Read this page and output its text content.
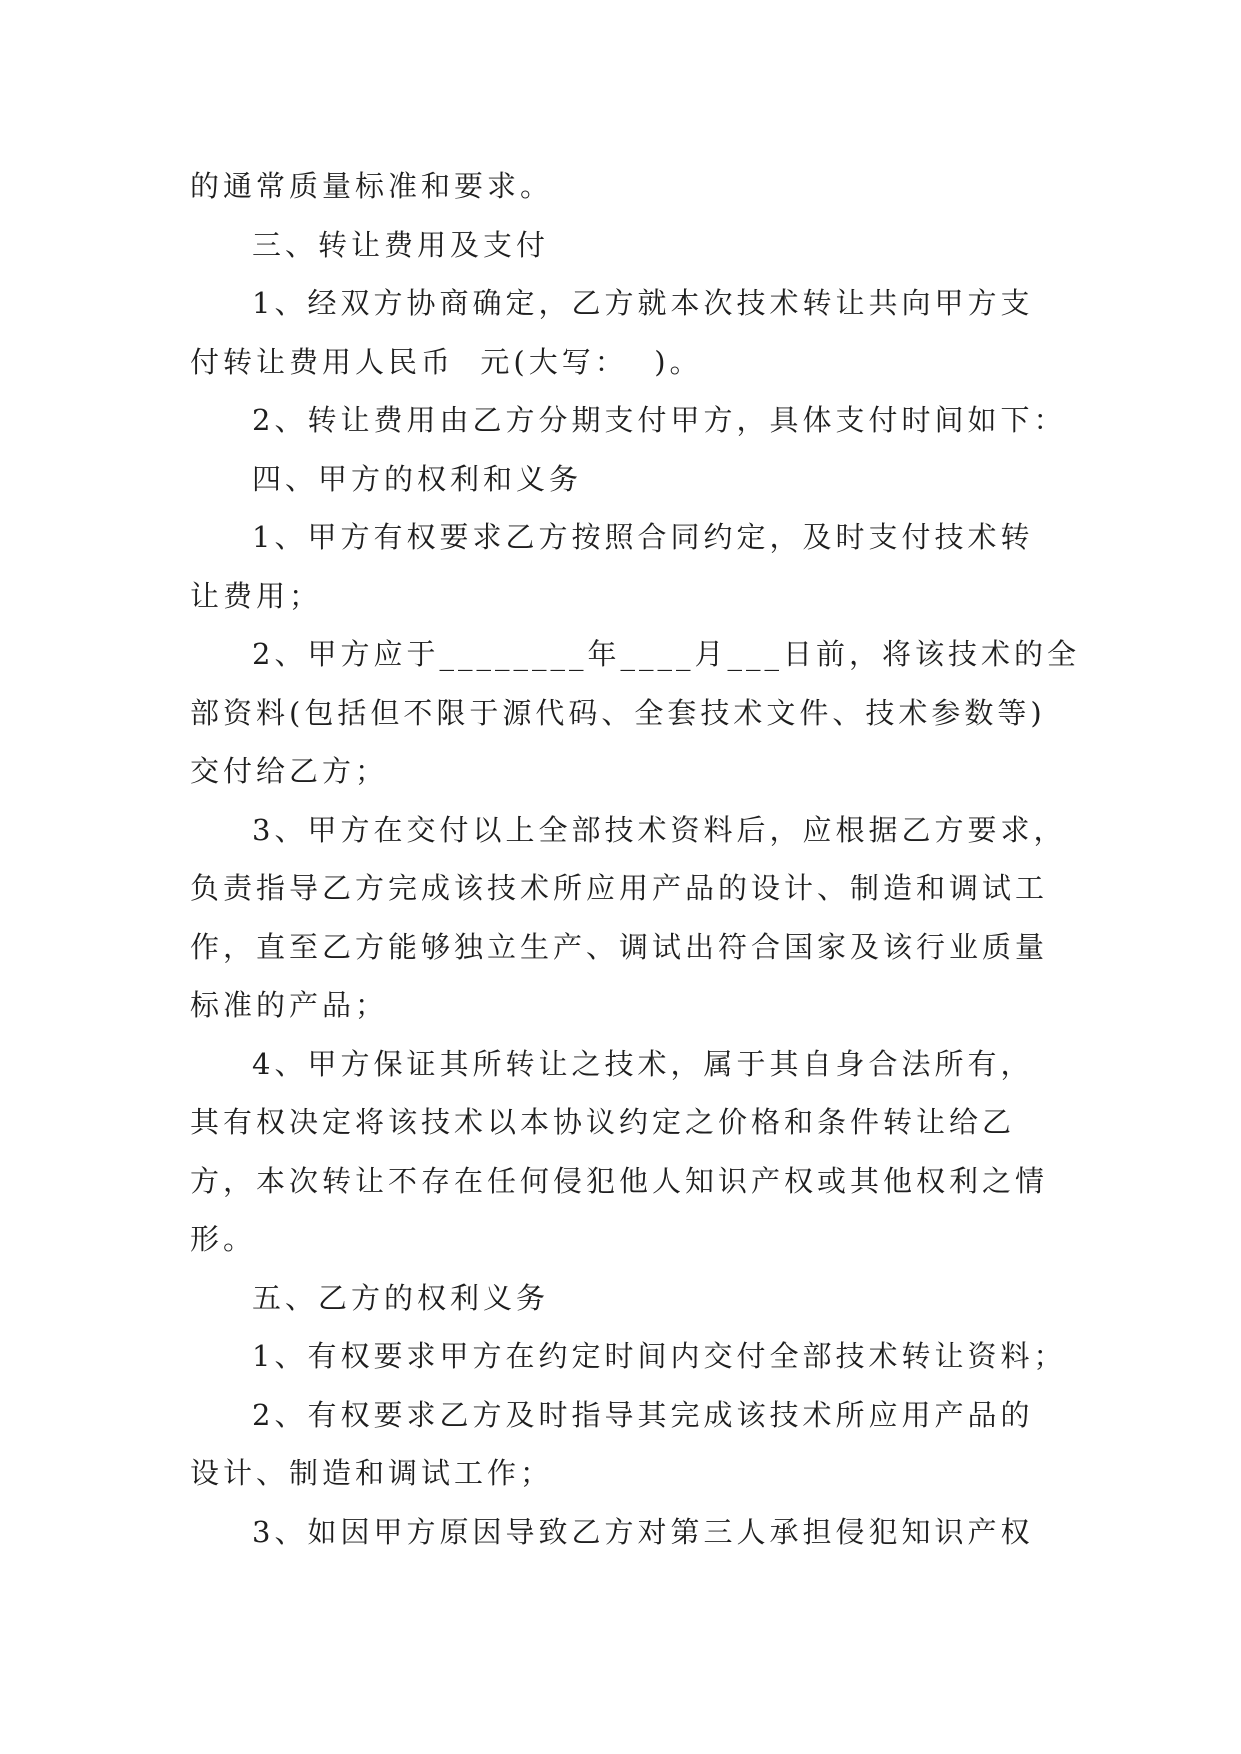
的通常质量标准和要求。
三、转让费用及支付
1、经双方协商确定，乙方就本次技术转让共向甲方支
付转让费用人民币  元(大写：  )。
2、转让费用由乙方分期支付甲方，具体支付时间如下：
四、甲方的权利和义务
1、甲方有权要求乙方按照合同约定，及时支付技术转
让费用；
2、甲方应于________年____月___日前，将该技术的全
部资料(包括但不限于源代码、全套技术文件、技术参数等)
交付给乙方；
3、甲方在交付以上全部技术资料后，应根据乙方要求，
负责指导乙方完成该技术所应用产品的设计、制造和调试工
作，直至乙方能够独立生产、调试出符合国家及该行业质量
标准的产品；
4、甲方保证其所转让之技术，属于其自身合法所有，
其有权决定将该技术以本协议约定之价格和条件转让给乙
方，本次转让不存在任何侵犯他人知识产权或其他权利之情
形。
五、乙方的权利义务
1、有权要求甲方在约定时间内交付全部技术转让资料；
2、有权要求乙方及时指导其完成该技术所应用产品的
设计、制造和调试工作；
3、如因甲方原因导致乙方对第三人承担侵犯知识产权
